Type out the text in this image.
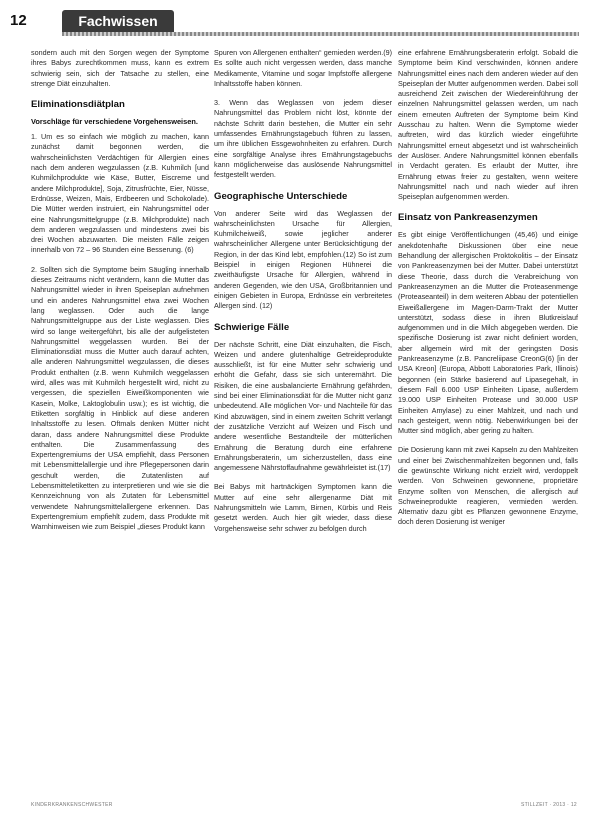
12	Fachwissen

sondern auch mit den Sorgen wegen der Symptome ihres Babys zurechtkommen muss, kann es extrem schwierig sein, sich der Tatsache zu stellen, eine strenge Diät einzuhalten.

Eliminationsdiätplan
Vorschläge für verschiedene Vorgehensweisen.

1. Um es so einfach wie möglich zu machen, kann zunächst damit begonnen werden, die wahrscheinlichsten Verdächtigen für Allergien eines nach dem anderen wegzulassen (z.B. Kuhmilch [und Kuhmilchprodukte wie Käse, Butter, Eiscreme und andere Milchprodukte], Soja, Zitrusfrüchte, Eier, Nüsse, Erdnüsse, Weizen, Mais, Erdbeeren und Schokolade). Die Mütter werden instruiert, ein Nahrungsmittel oder eine Nahrungsmittelgruppe (z.B. Milchprodukte) nach dem anderen wegzulassen und mindestens zwei bis drei Wochen abzuwarten. Die meisten Fälle zeigen innerhalb von 72 – 96 Stunden eine Besserung. (6)

2. Sollten sich die Symptome beim Säugling innerhalb dieses Zeitraums nicht verändern, kann die Mutter das Nahrungsmittel wieder in ihren Speiseplan aufnehmen und ein anderes Nahrungsmittel etwa zwei Wochen lang weglassen. Oder auch die lange Nahrungsmittelgruppe aus der Liste weglassen. Dies wird so lange weitergeführt, bis alle der aufgelisteten Nahrungsmittel weggelassen wurden. Bei der Eliminationsdiät muss die Mutter auch darauf achten, alle anderen Nahrungsmittel wegzulassen, die dieses Produkt enthalten (z.B. wenn Kuhmilch weggelassen wird, alles was mit Kuhmilch hergestellt wird, nicht zu vergessen, die speziellen Eiweißkomponenten wie Kasein, Molke, Laktoglobulin usw.); es ist wichtig, die Etiketten sorgfältig in Hinblick auf diese anderen Inhaltsstoffe zu lesen. Oftmals denken Mütter nicht daran, dass andere Nahrungsmittel diese Produkte enthalten. Die Zusammenfassung des Expertengremiums der USA empfiehlt, dass Personen mit Lebensmittelallergie und ihre Pflegepersonen darin geschult werden, die Zutatenlisten auf Lebensmitteletiketten zu interpretieren und wie sie die Kennzeichnung von als Zutaten für Lebensmittel verwendete Nahrungsmittelallergene erkennen. Das Expertengremium empfiehlt zudem, dass Produkte mit Warnhinweisen wie zum Beispiel „dieses Produkt kann

Spuren von Allergenen enthalten“ gemieden werden.(9) Es sollte auch nicht vergessen werden, dass manche Medikamente, Vitamine und sogar Impfstoffe allergene Inhaltsstoffe haben können.

3. Wenn das Weglassen von jedem dieser Nahrungsmittel das Problem nicht löst, könnte der nächste Schritt darin bestehen, die Mutter ein sehr umfassendes Ernährungstagebuch führen zu lassen, um ihre üblichen Essgewohnheiten zu erfahren. Durch eine sorgfältige Analyse ihres Ernährungstagebuchs kann möglicherweise das auslösende Nahrungsmittel festgestellt werden.

Geographische Unterschiede

Von anderer Seite wird das Weglassen der wahrscheinlichsten Ursache für Allergien, Kuhmilcheiweiß, sowie jeglicher anderer wahrscheinlicher Allergene unter Berücksichtigung der Region, in der das Kind lebt, empfohlen.(12) So ist zum Beispiel in einigen Regionen Hühnerei die zweithäufigste Ursache für Allergien, während in anderen Gegenden, wie den USA, Großbritannien und einigen Gebieten in Europa, Erdnüsse ein verbreitetes Allergen sind. (12)

Schwierige Fälle

Der nächste Schritt, eine Diät einzuhalten, die Fisch, Weizen und andere glutenhaltige Getreideprodukte ausschließt, ist für eine Mutter sehr schwierig und erhöht die Gefahr, dass sie sich unterernährt. Die Risiken, die eine ausbalancierte Ernährung gefährden, sind bei einer Eliminationsdiät für die Mutter nicht ganz unbedeutend. Alle möglichen Vor- und Nachteile für das Kind abzuwägen, sind in einem zweiten Schritt verlangt der zusätzliche Verzicht auf Weizen und Fisch und andere wesentliche Bestandteile der mütterlichen Ernährung die Beratung durch eine erfahrene Ernährungsberaterin, um sicherzustellen, dass eine angemessene Nährstoffaufnahme gewährleistet ist.(17)

Bei Babys mit hartnäckigen Symptomen kann die Mutter auf eine sehr allergenarme Diät mit Nahrungsmitteln wie Lamm, Birnen, Kürbis und Reis gesetzt werden. Auch hier gilt wieder, dass diese Vorgehensweise sehr schwer zu befolgen durch

eine erfahrene Ernährungsberaterin erfolgt. Sobald die Symptome beim Kind verschwinden, können andere Nahrungsmittel eines nach dem anderen wieder auf den Speiseplan der Mutter aufgenommen werden. Dabei soll ausreichend Zeit zwischen der Wiedereinführung der einzelnen Nahrungsmittel gelassen werden, um nach einem erneuten Auftreten der Symptome beim Kind Ausschau zu halten. Wenn die Symptome wieder auftreten, wird das kürzlich wieder eingeführte Nahrungsmittel erneut abgesetzt und ist wahrscheinlich der Auslöser. Andere Nahrungsmittel können ebenfalls in Verdacht geraten. Es erlaubt der Mutter, ihre Ernährung etwas freier zu gestalten, wenn weitere Nahrungsmittel nach und nach wieder auf ihren Speiseplan aufgenommen werden.

Einsatz von Pankreasenzymen

Es gibt einige Veröffentlichungen (45,46) und einige anekdotenhafte Diskussionen über eine neue Behandlung der allergischen Proktokolitis – der Einsatz von Pankreasenzymen bei der Mutter. Dabei unterstützt diese Theorie, dass durch die Verabreichung von Pankreasenzymen an die Mutter die Proteasenmenge (Proteaseanteil) in dem weiteren Abbau der potentiellen Eiweißallergene im Magen-Darm-Trakt der Mutter unterstützt, sodass diese in ihren Blutkreislauf aufgenommen und in die Milch abgegeben werden. Die spezifische Dosierung ist zwar nicht definiert worden, aber allgemein wird mit der geringsten Dosis Pankreasenzyme (z.B. Pancreliipase CreonG(6) [in der USA Kreon] (Europa, Abbott Laboratories Park, Illinois) begonnen (ein Stärke basierend auf Lipasegehalt, in diesem Fall 6.000 USP Einheiten Lipase, außerdem 19.000 USP Einheiten Protease und 30.000 USP Einheiten Amylase) zu einer Mahlzeit, und nach und nach gesteigert, wenn nötig. Nebenwirkungen bei der Mutter sind möglich, aber gering zu halten.

Die Dosierung kann mit zwei Kapseln zu den Mahlzeiten und einer bei Zwischenmahlzeiten begonnen und, falls die gewünschte Wirkung nicht erzielt wird, verdoppelt werden. Von Schweinen gewonnene, proprietäre Enzyme sollten von Menschen, die allergisch auf Schweineprodukte reagieren, vermieden werden. Alternativ dazu gibt es Pflanzen gewonnene Enzyme, doch deren Dosierung ist weniger

KINDERKRANKENSCHWESTER	STILLZEIT · 2013 · 12
